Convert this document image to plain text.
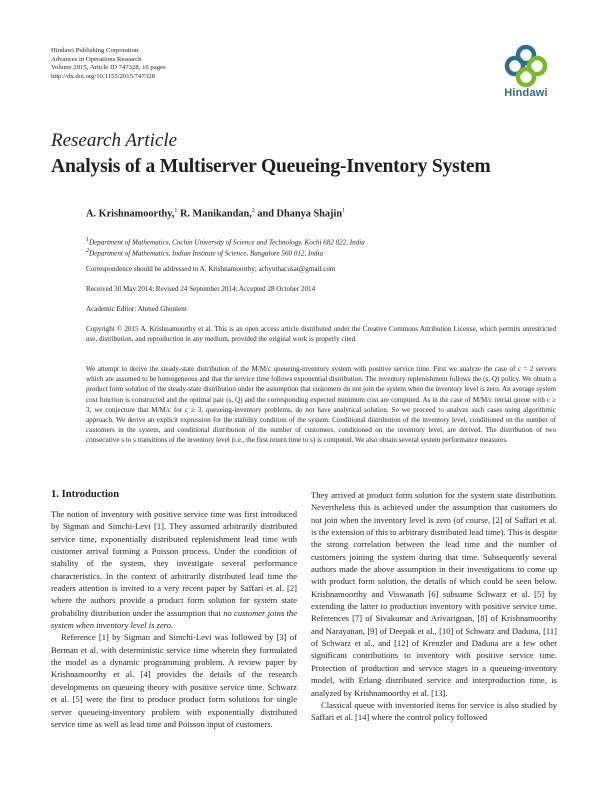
Hindawi Publishing Corporation
Advances in Operations Research
Volume 2015, Article ID 747328, 16 pages
http://dx.doi.org/10.1155/2015/747328
Hindawi
Research Article
Analysis of a Multiserver Queueing-Inventory System
A. Krishnamoorthy,$^1$ R. Manikandan,$^2$ and Dhanya Shajin$^1$
$^1$Department of Mathematics, Cochin University of Science and Technology, Kochi 682 022, India
$^2$Department of Mathematics, Indian Institute of Science, Bangalore 560 012, India
Correspondence should be addressed to A. Krishnamoorthy; achyuthacusat@gmail.com
Received 30 May 2014; Revised 24 September 2014; Accepted 28 October 2014
Academic Editor: Ahmed Ghoniem
Copyright © 2015 A. Krishnamoorthy et al. This is an open access article distributed under the Creative Commons Attribution License, which permits unrestricted use, distribution, and reproduction in any medium, provided the original work is properly cited.
We attempt to derive the steady-state distribution of the M/M/c queueing-inventory system with positive service time. First we analyze the case of c = 2 servers which are assumed to be homogeneous and that the service time follows exponential distribution. The inventory replenishment follows the (s, Q) policy. We obtain a product form solution of the steady-state distribution under the assumption that customers do not join the system when the inventory level is zero. An average system cost function is constructed and the optimal pair (s, Q) and the corresponding expected minimum cost are computed. As in the case of M/M/c retrial queue with c ≥ 3, we conjecture that M/M/c for c ≥ 3, queueing-inventory problems, do not have analytical solution. So we proceed to analyze such cases using algorithmic approach. We derive an explicit expression for the stability condition of the system. Conditional distribution of the inventory level, conditioned on the number of customers in the system, and conditional distribution of the number of customers, conditioned on the inventory level, are derived. The distribution of two consecutive s to s transitions of the inventory level (i.e., the first return time to s) is computed. We also obtain several system performance measures.
1. Introduction

The notion of inventory with positive service time was first introduced by Sigman and Simchi-Levi [1]. They assumed arbitrarily distributed service time, exponentially distributed replenishment lead time with customer arrival forming a Poisson process. Under the condition of stability of the system, they investigate several performance characteristics. In the context of arbitrarily distributed lead time the readers attention is invited to a very recent paper by Saffari et al. [2] where the authors provide a product form solution for system state probability distribution under the assumption that no customer joins the system when inventory level is zero.

Reference [1] by Sigman and Simchi-Levi was followed by [3] of Berman et al. with deterministic service time wherein they formulated the model as a dynamic programming problem. A review paper by Krishnamoorthy et al. [4] provides the details of the research developments on queueing theory with positive service time. Schwarz et al. [5] were the first to produce product form solutions for single server queueing-inventory problem with exponentially distributed service time as well as lead time and Poisson input of customers.

They arrived at product form solution for the system state distribution. Nevertheless this is achieved under the assumption that customers do not join when the inventory level is zero (of course, [2] of Saffari et al. is the extension of this to arbitrary distributed lead time). This is despite the strong correlation between the lead time and the number of customers joining the system during that time. Subsequently several authors made the above assumption in their investigations to come up with product form solution, the details of which could be seen below. Krishnamoorthy and Viswanath [6] subsume Schwarz et al. [5] by extending the latter to production inventory with positive service time. References [7] of Sivakumar and Arivarignan, [8] of Krishnamoorthy and Narayanan, [9] of Deepak et al., [10] of Schwarz and Daduna, [11] of Schwarz et al., and [12] of Krenzler and Daduna are a few other significant contributions to inventory with positive service time. Protection of production and service stages in a queueing-inventory model, with Erlang distributed service and interproduction time, is analyzed by Krishnamoorthy et al. [13].

Classical queue with inventoried items for service is also studied by Saffari et al. [14] where the control policy followed
